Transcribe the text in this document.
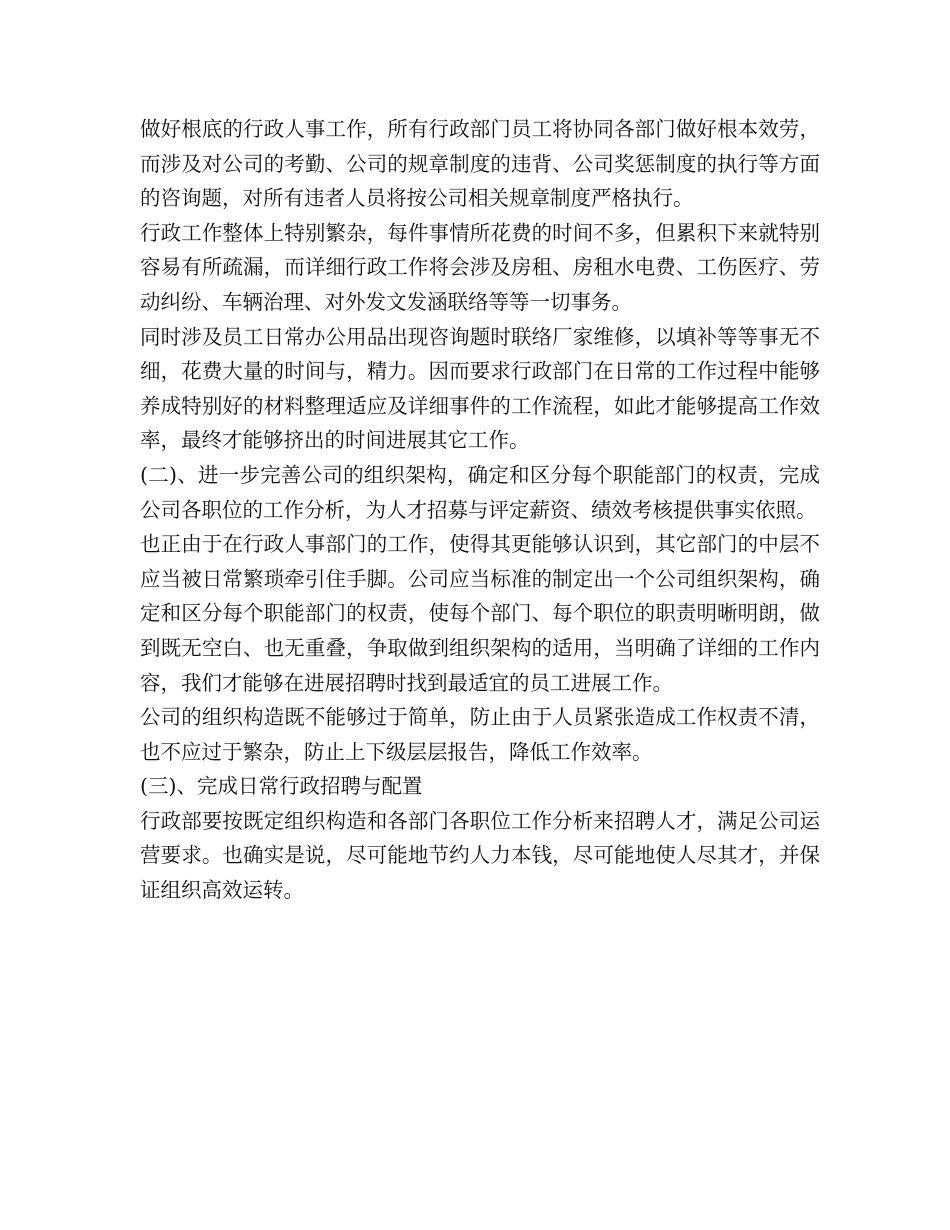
做好根底的行政人事工作，所有行政部门员工将协同各部门做好根本效劳，而涉及对公司的考勤、公司的规章制度的违背、公司奖惩制度的执行等方面的咨询题，对所有违者人员将按公司相关规章制度严格执行。

行政工作整体上特别繁杂，每件事情所花费的时间不多，但累积下来就特别容易有所疏漏，而详细行政工作将会涉及房租、房租水电费、工伤医疗、劳动纠纷、车辆治理、对外发文发涵联络等等一切事务。

同时涉及员工日常办公用品出现咨询题时联络厂家维修，以填补等等事无不细，花费大量的时间与，精力。因而要求行政部门在日常的工作过程中能够养成特别好的材料整理适应及详细事件的工作流程，如此才能够提高工作效率，最终才能够挤出的时间进展其它工作。

(二)、进一步完善公司的组织架构，确定和区分每个职能部门的权责，完成公司各职位的工作分析，为人才招募与评定薪资、绩效考核提供事实依照。

也正由于在行政人事部门的工作，使得其更能够认识到，其它部门的中层不应当被日常繁琐牵引住手脚。公司应当标准的制定出一个公司组织架构，确定和区分每个职能部门的权责，使每个部门、每个职位的职责明晰明朗，做到既无空白、也无重叠，争取做到组织架构的适用，当明确了详细的工作内容，我们才能够在进展招聘时找到最适宜的员工进展工作。

公司的组织构造既不能够过于简单，防止由于人员紧张造成工作权责不清，也不应过于繁杂，防止上下级层层报告，降低工作效率。

(三)、完成日常行政招聘与配置

行政部要按既定组织构造和各部门各职位工作分析来招聘人才，满足公司运营要求。也确实是说，尽可能地节约人力本钱，尽可能地使人尽其才，并保证组织高效运转。
